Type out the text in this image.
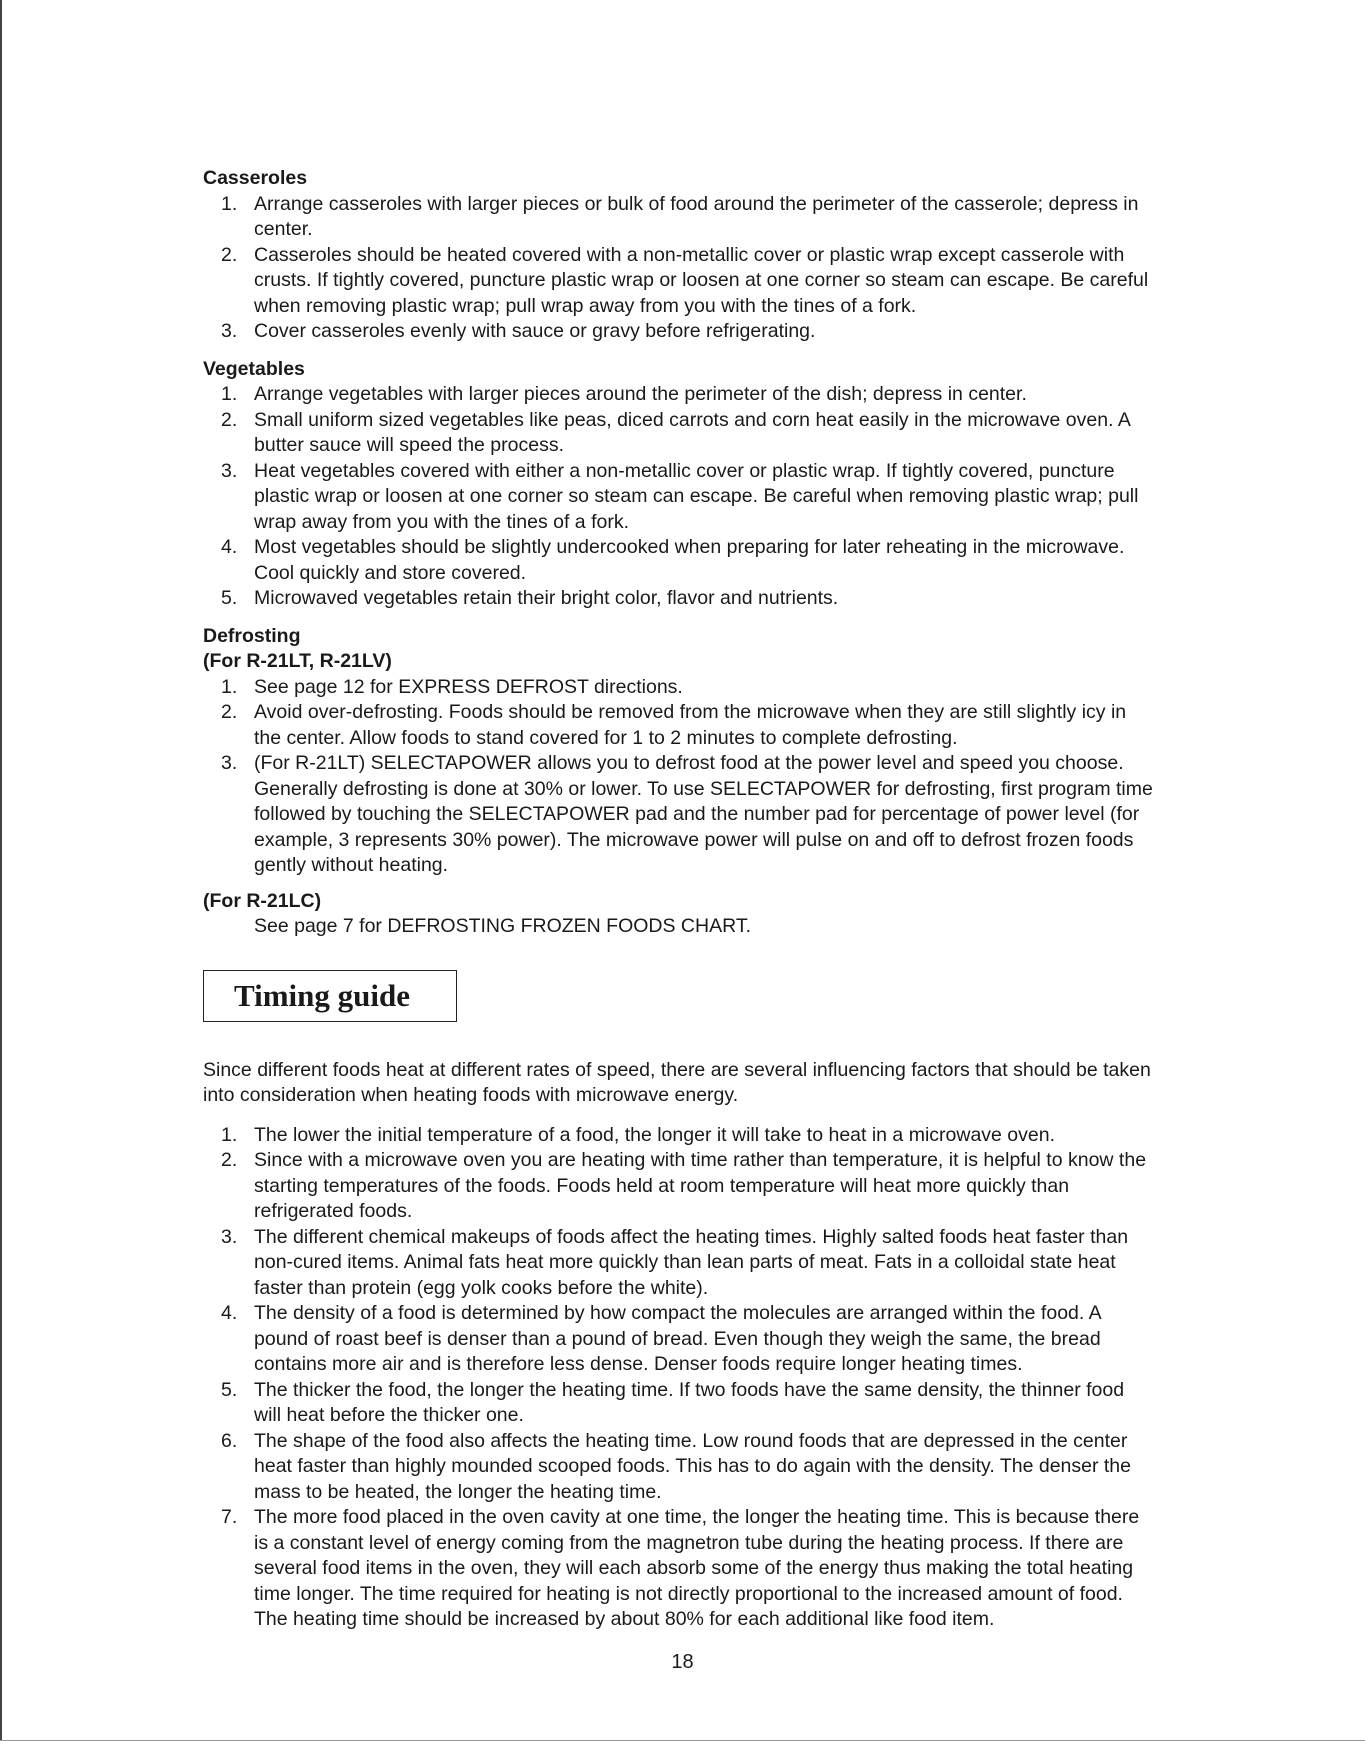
Casseroles

1. Arrange casseroles with larger pieces or bulk of food around the perimeter of the casserole; depress in center.
2. Casseroles should be heated covered with a non-metallic cover or plastic wrap except casserole with crusts. If tightly covered, puncture plastic wrap or loosen at one corner so steam can escape. Be careful when removing plastic wrap; pull wrap away from you with the tines of a fork.
3. Cover casseroles evenly with sauce or gravy before refrigerating.

Vegetables

1. Arrange vegetables with larger pieces around the perimeter of the dish; depress in center.
2. Small uniform sized vegetables like peas, diced carrots and corn heat easily in the microwave oven. A butter sauce will speed the process.
3. Heat vegetables covered with either a non-metallic cover or plastic wrap. If tightly covered, puncture plastic wrap or loosen at one corner so steam can escape. Be careful when removing plastic wrap; pull wrap away from you with the tines of a fork.
4. Most vegetables should be slightly undercooked when preparing for later reheating in the microwave. Cool quickly and store covered.
5. Microwaved vegetables retain their bright color, flavor and nutrients.

Defrosting

(For R-21LT, R-21LV)

1. See page 12 for EXPRESS DEFROST directions.
2. Avoid over-defrosting. Foods should be removed from the microwave when they are still slightly icy in the center. Allow foods to stand covered for 1 to 2 minutes to complete defrosting.
3. (For R-21LT) SELECTAPOWER allows you to defrost food at the power level and speed you choose. Generally defrosting is done at 30% or lower. To use SELECTAPOWER for defrosting, first program time followed by touching the SELECTAPOWER pad and the number pad for percentage of power level (for example, 3 represents 30% power). The microwave power will pulse on and off to defrost frozen foods gently without heating.

(For R-21LC)

See page 7 for DEFROSTING FROZEN FOODS CHART.

Timing guide

Since different foods heat at different rates of speed, there are several influencing factors that should be taken into consideration when heating foods with microwave energy.

1. The lower the initial temperature of a food, the longer it will take to heat in a microwave oven.
2. Since with a microwave oven you are heating with time rather than temperature, it is helpful to know the starting temperatures of the foods. Foods held at room temperature will heat more quickly than refrigerated foods.
3. The different chemical makeups of foods affect the heating times. Highly salted foods heat faster than non-cured items. Animal fats heat more quickly than lean parts of meat. Fats in a colloidal state heat faster than protein (egg yolk cooks before the white).
4. The density of a food is determined by how compact the molecules are arranged within the food. A pound of roast beef is denser than a pound of bread. Even though they weigh the same, the bread contains more air and is therefore less dense. Denser foods require longer heating times.
5. The thicker the food, the longer the heating time. If two foods have the same density, the thinner food will heat before the thicker one.
6. The shape of the food also affects the heating time. Low round foods that are depressed in the center heat faster than highly mounded scooped foods. This has to do again with the density. The denser the mass to be heated, the longer the heating time.
7. The more food placed in the oven cavity at one time, the longer the heating time. This is because there is a constant level of energy coming from the magnetron tube during the heating process. If there are several food items in the oven, they will each absorb some of the energy thus making the total heating time longer. The time required for heating is not directly proportional to the increased amount of food. The heating time should be increased by about 80% for each additional like food item.
18
